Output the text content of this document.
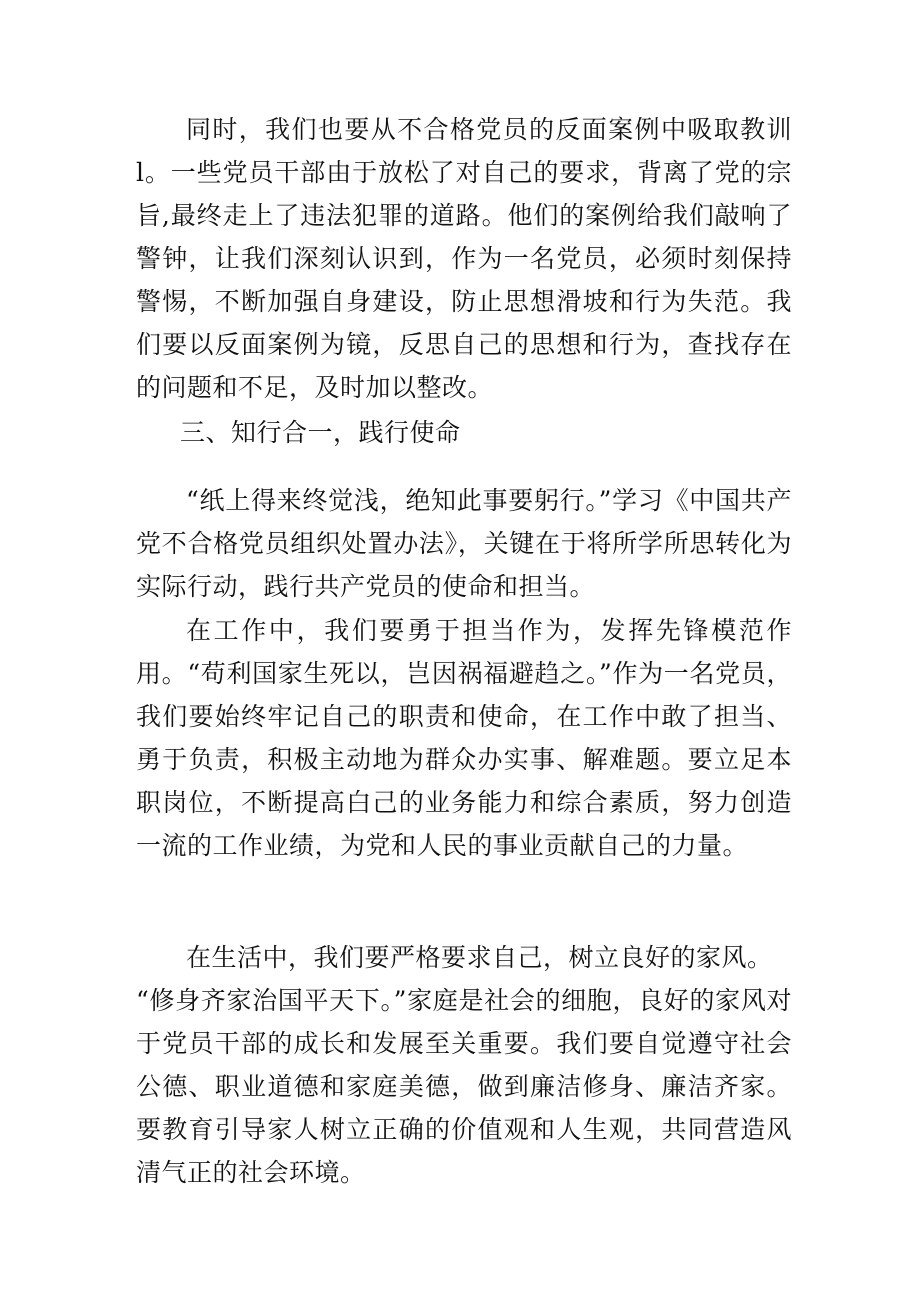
同时，我们也要从不合格党员的反面案例中吸取教训l。一些党员干部由于放松了对自己的要求，背离了党的宗旨,最终走上了违法犯罪的道路。他们的案例给我们敲响了警钟，让我们深刻认识到，作为一名党员，必须时刻保持警惕，不断加强自身建设，防止思想滑坡和行为失范。我们要以反面案例为镜，反思自己的思想和行为，查找存在的问题和不足，及时加以整改。

三、知行合一，践行使命

“纸上得来终觉浅，绝知此事要躬行。”学习《中国共产党不合格党员组织处置办法》，关键在于将所学所思转化为实际行动，践行共产党员的使命和担当。

在工作中，我们要勇于担当作为，发挥先锋模范作用。“苟利国家生死以，岂因祸福避趋之。”作为一名党员，我们要始终牢记自己的职责和使命，在工作中敢了担当、勇于负责，积极主动地为群众办实事、解难题。要立足本职岗位，不断提高白己的业务能力和综合素质，努力创造一流的工作业绩，为党和人民的事业贡献自己的力量。

在生活中，我们要严格要求自己，树立良好的家风。
“修身齐家治国平天下。”家庭是社会的细胞，良好的家风对于党员干部的成长和发展至关重要。我们要自觉遵守社会公德、职业道德和家庭美德，做到廉洁修身、廉洁齐家。要教育引导家人树立正确的价值观和人生观，共同营造风清气正的社会环境。
